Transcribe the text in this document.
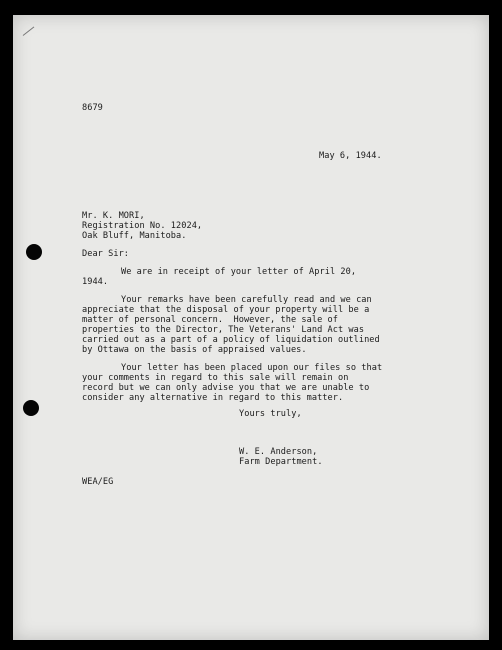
8679
May 6, 1944.
Mr. K. MORI,
Registration No. 12024,
Oak Bluff, Manitoba.
Dear Sir:
We are in receipt of your letter of April 20,
1944.
Your remarks have been carefully read and we can
appreciate that the disposal of your property will be a
matter of personal concern.  However, the sale of
properties to the Director, The Veterans' Land Act was
carried out as a part of a policy of liquidation outlined
by Ottawa on the basis of appraised values.
Your letter has been placed upon our files so that
your comments in regard to this sale will remain on
record but we can only advise you that we are unable to
consider any alternative in regard to this matter.
Yours truly,
W. E. Anderson,
Farm Department.
WEA/EG
